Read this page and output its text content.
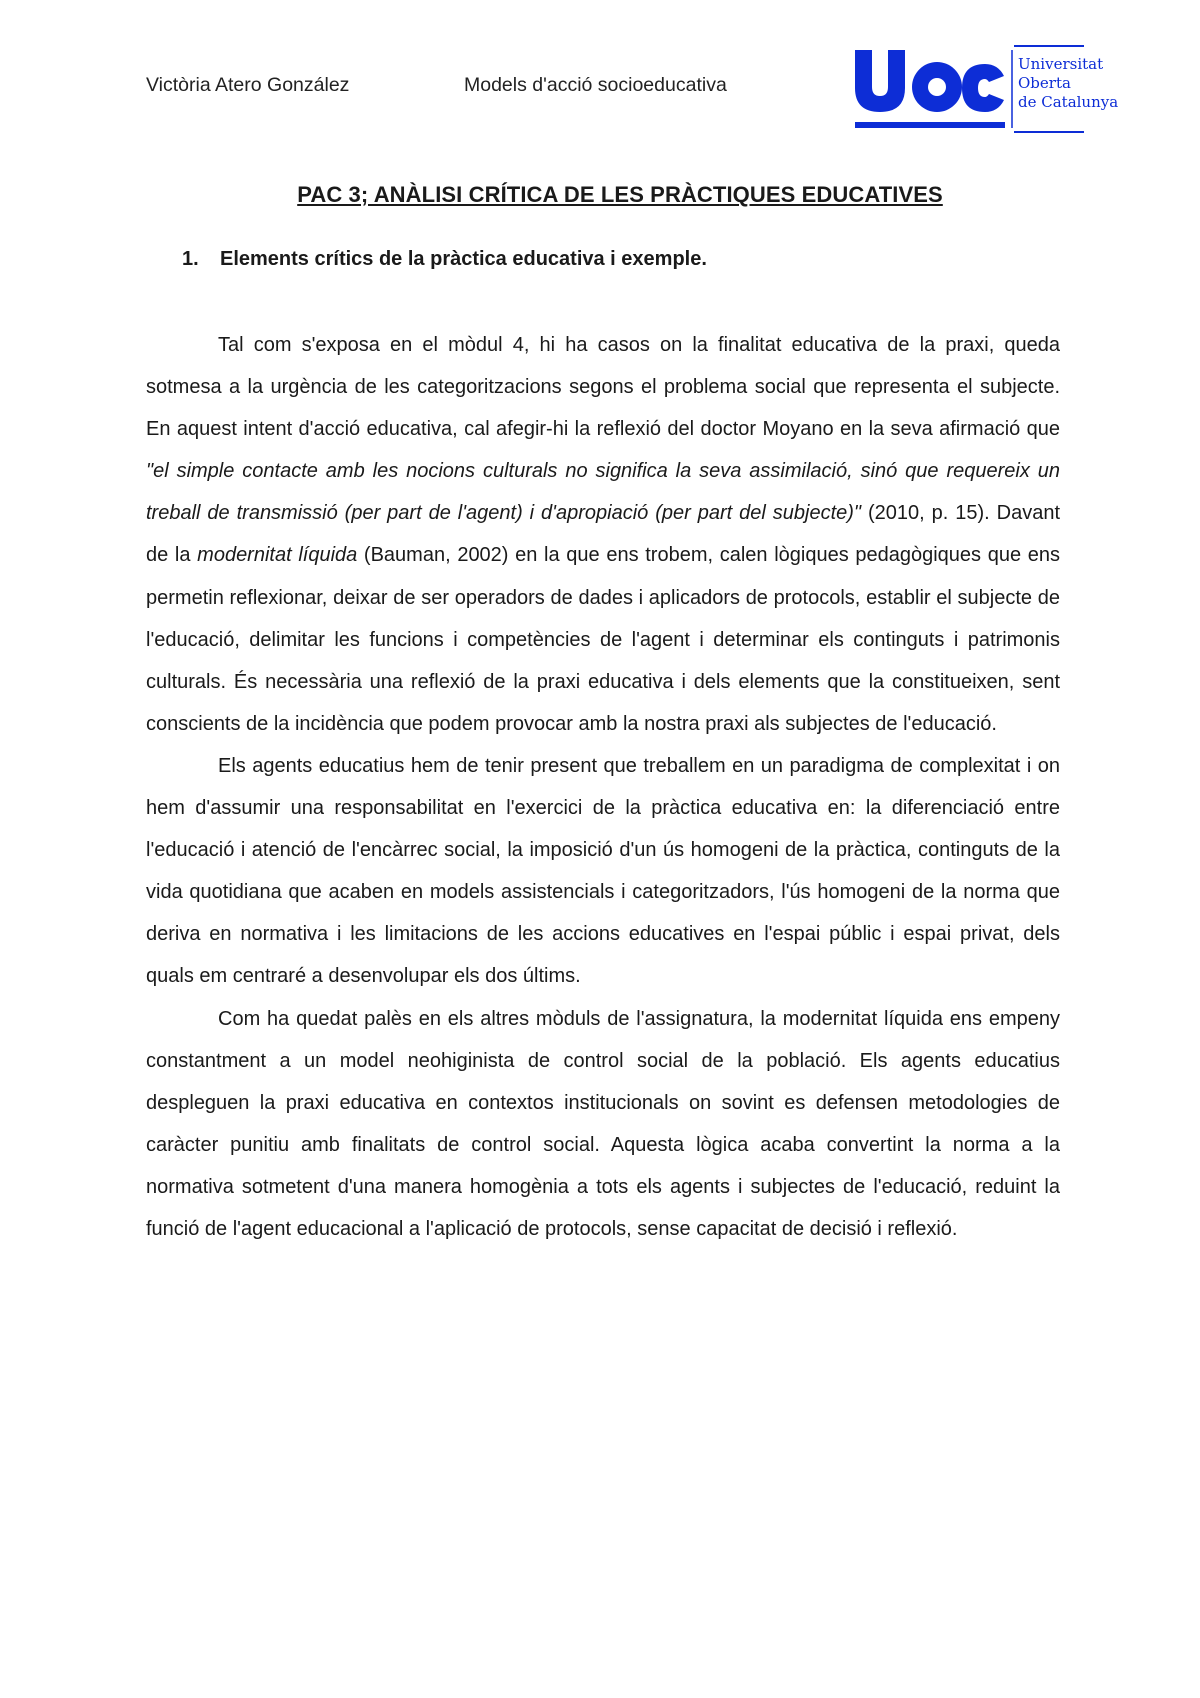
Victòria Atero González	Models d'acció socioeducativa
Universitat
Oberta
de Catalunya
PAC 3; ANÀLISI CRÍTICA DE LES PRÀCTIQUES EDUCATIVES
1. Elements crítics de la pràctica educativa i exemple.

Tal com s'exposa en el mòdul 4, hi ha casos on la finalitat educativa de la praxi, queda sotmesa a la urgència de les categoritzacions segons el problema social que representa el subjecte. En aquest intent d'acció educativa, cal afegir-hi la reflexió del doctor Moyano en la seva afirmació que "el simple contacte amb les nocions culturals no significa la seva assimilació, sinó que requereix un treball de transmissió (per part de l'agent) i d'apropiació (per part del subjecte)" (2010, p. 15). Davant de la modernitat líquida (Bauman, 2002) en la que ens trobem, calen lògiques pedagògiques que ens permetin reflexionar, deixar de ser operadors de dades i aplicadors de protocols, establir el subjecte de l'educació, delimitar les funcions i competències de l'agent i determinar els continguts i patrimonis culturals. És necessària una reflexió de la praxi educativa i dels elements que la constitueixen, sent conscients de la incidència que podem provocar amb la nostra praxi als subjectes de l'educació.

Els agents educatius hem de tenir present que treballem en un paradigma de complexitat i on hem d'assumir una responsabilitat en l'exercici de la pràctica educativa en: la diferenciació entre l'educació i atenció de l'encàrrec social, la imposició d'un ús homogeni de la pràctica, continguts de la vida quotidiana que acaben en models assistencials i categoritzadors, l'ús homogeni de la norma que deriva en normativa i les limitacions de les accions educatives en l'espai públic i espai privat, dels quals em centraré a desenvolupar els dos últims.

Com ha quedat palès en els altres mòduls de l'assignatura, la modernitat líquida ens empeny constantment a un model neohiginista de control social de la població. Els agents educatius despleguen la praxi educativa en contextos institucionals on sovint es defensen metodologies de caràcter punitiu amb finalitats de control social. Aquesta lògica acaba convertint la norma a la normativa sotmetent d'una manera homogènia a tots els agents i subjectes de l'educació, reduint la funció de l'agent educacional a l'aplicació de protocols, sense capacitat de decisió i reflexió.
